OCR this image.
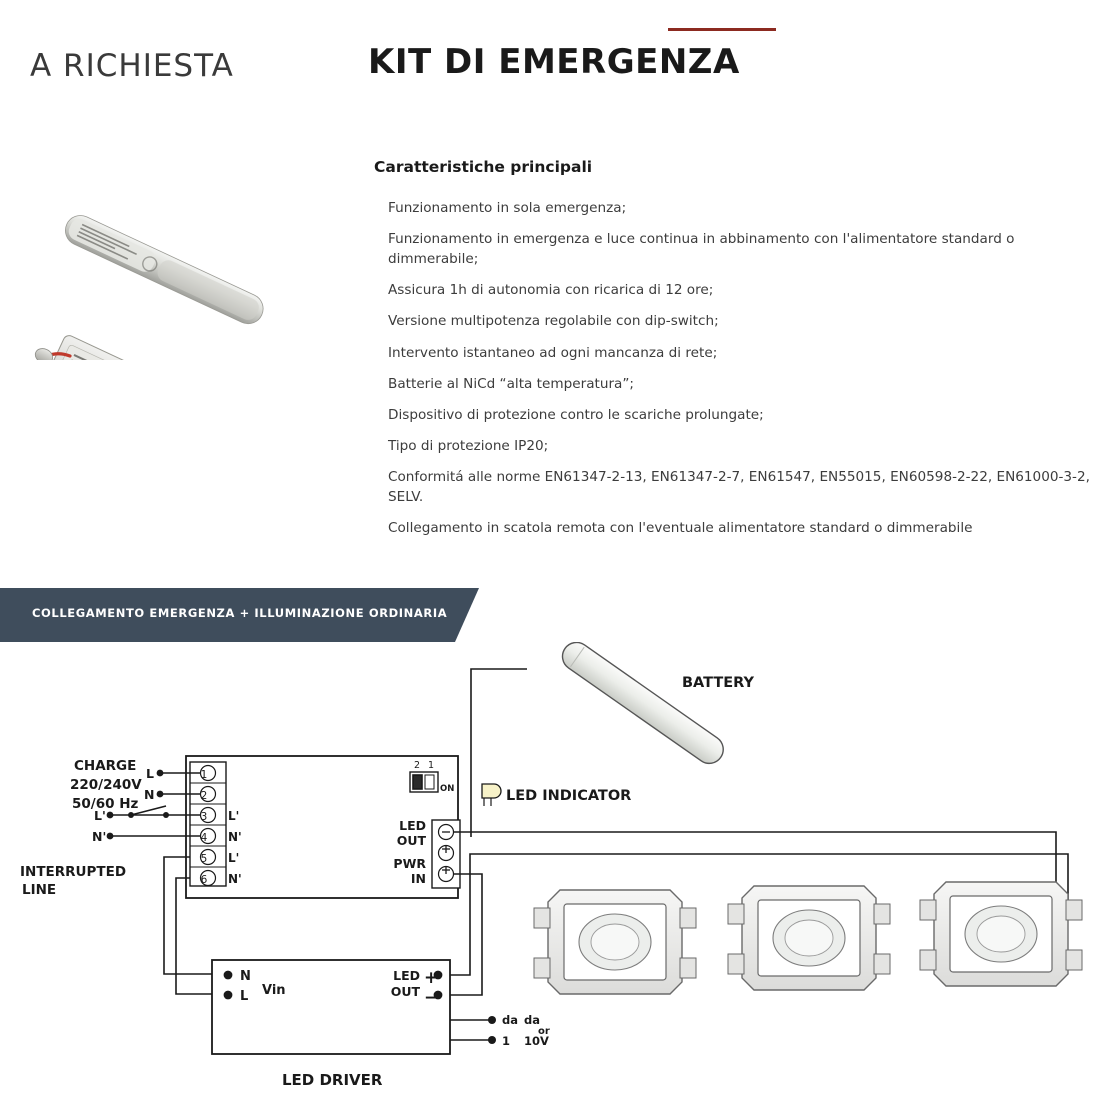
A RICHIESTA	KIT DI EMERGENZA
Caratteristiche principali
Funzionamento in sola emergenza;
Funzionamento in emergenza e luce continua in abbinamento con l'alimentatore standard o dimmerabile;
Assicura 1h di autonomia con ricarica di 12 ore;
Versione multipotenza regolabile con dip-switch;
Intervento istantaneo ad ogni mancanza di rete;
Batterie al NiCd “alta temperatura”;
Dispositivo di protezione contro le scariche prolungate;
Tipo di protezione IP20;
Conformitá alle norme EN61347-2-13, EN61347-2-7, EN61547, EN55015, EN60598-2-22, EN61000-3-2, SELV.
Collegamento in scatola remota con l'eventuale alimentatore standard o dimmerabile
COLLEGAMENTO EMERGENZA + ILLUMINAZIONE ORDINARIA
BATTERY
LED INDICATOR
CHARGE
220/240V
50/60 Hz
L
N
L'
N'
INTERRUPTED
LINE
1
2
3
4
5
6
L'
N'
L'
N'
2 1
ON
LED
OUT
PWR
IN
N
L Vin
LED
OUT
+
−
da da
or
1 10V
LED DRIVER
